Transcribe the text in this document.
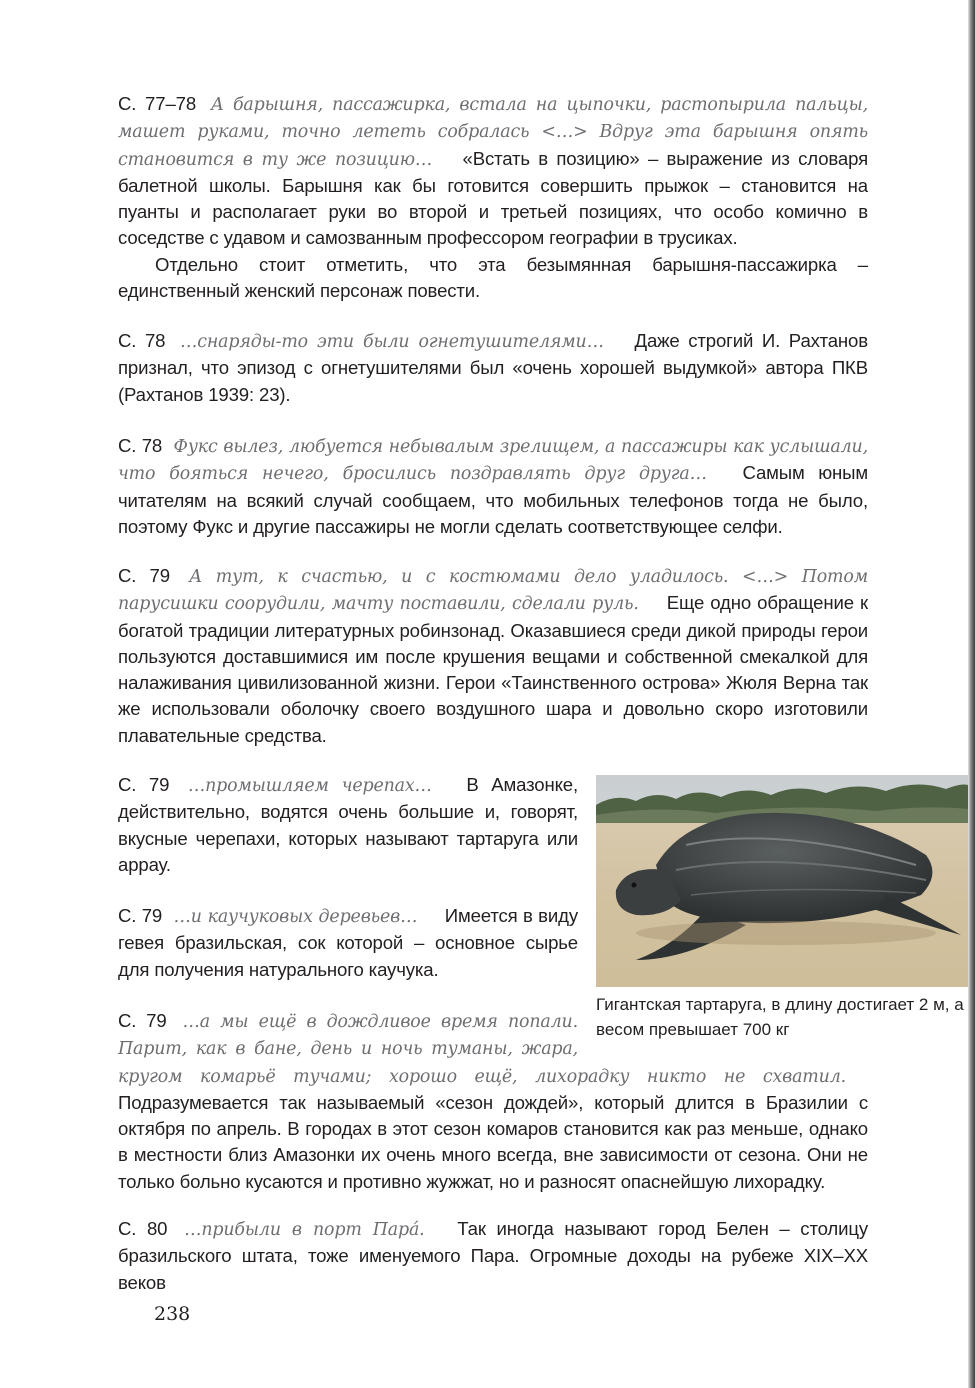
С. 77–78 А барышня, пассажирка, встала на цыпочки, растопырила пальцы, машет руками, точно лететь собралась <…> Вдруг эта барышня опять становится в ту же позицию… «Встать в позицию» – выражение из словаря балетной школы. Барышня как бы готовится совершить прыжок – становится на пуанты и располагает руки во второй и третьей позициях, что особо комично в соседстве с удавом и самозванным профессором географии в трусиках.

Отдельно стоит отметить, что эта безымянная барышня-пассажирка – единственный женский персонаж повести.

С. 78 …снаряды-то эти были огнетушителями… Даже строгий И. Рахтанов признал, что эпизод с огнетушителями был «очень хорошей выдумкой» автора ПКВ (Рахтанов 1939: 23).

С. 78 Фукс вылез, любуется небывалым зрелищем, а пассажиры как услышали, что бояться нечего, бросились поздравлять друг друга… Самым юным читателям на всякий случай сообщаем, что мобильных телефонов тогда не было, поэтому Фукс и другие пассажиры не могли сделать соответствующее селфи.

С. 79 А тут, к счастью, и с костюмами дело уладилось. <…> Потом парусишки соорудили, мачту поставили, сделали руль. Еще одно обращение к богатой традиции литературных робинзонад. Оказавшиеся среди дикой природы герои пользуются доставшимися им после крушения вещами и собственной смекалкой для налаживания цивилизованной жизни. Герои «Таинственного острова» Жюля Верна так же использовали оболочку своего воздушного шара и довольно скоро изготовили плавательные средства.

С. 79 …промышляем черепах… В Амазонке, действительно, водятся очень большие и, говорят, вкусные черепахи, которых называют тартаруга или аррау.

С. 79 …и каучуковых деревьев… Имеется в виду гевея бразильская, сок которой – основное сырье для получения натурального каучука.

С. 79 …а мы ещё в дождливое время попали. Парит, как в бане, день и ночь туманы, жара, кругом комарьё тучами; хорошо ещё, лихорадку никто не схватил. Подразумевается так называемый «сезон дождей», который длится в Бразилии с октября по апрель. В городах в этот сезон комаров становится как раз меньше, однако в местности близ Амазонки их очень много всегда, вне зависимости от сезона. Они не только больно кусаются и противно жужжат, но и разносят опаснейшую лихорадку.

С. 80 …прибыли в порт Пара́. Так иногда называют город Белен – столицу бразильского штата, тоже именуемого Пара. Огромные доходы на рубеже XIX–XX веков

Гигантская тартаруга, в длину достигает 2 м, а весом превышает 700 кг
238
